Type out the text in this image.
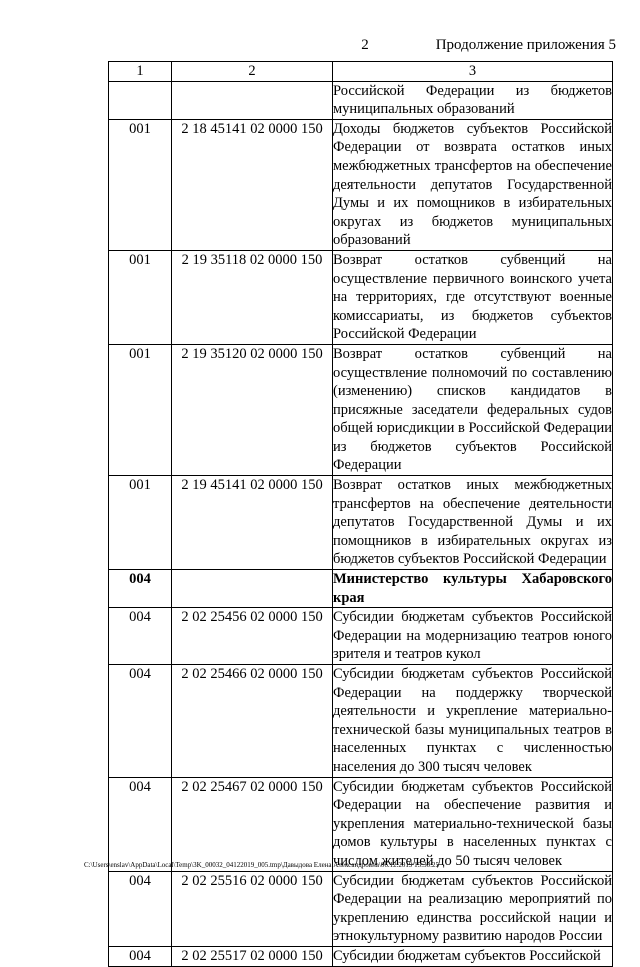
2	Продолжение приложения 5
1	2	3
		Российской Федерации из бюджетов муниципальных образований
001	2 18 45141 02 0000 150	Доходы бюджетов субъектов Российской Федерации от возврата остатков иных межбюджетных трансфертов на обеспечение деятельности депутатов Государственной Думы и их помощников в избирательных округах из бюджетов муниципальных образований
001	2 19 35118 02 0000 150	Возврат остатков субвенций на осуществление первичного воинского учета на территориях, где отсутствуют военные комиссариаты, из бюджетов субъектов Российской Федерации
001	2 19 35120 02 0000 150	Возврат остатков субвенций на осуществление полномочий по составлению (изменению) списков кандидатов в присяжные заседатели федеральных судов общей юрисдикции в Российской Федерации из бюджетов субъектов Российской Федерации
001	2 19 45141 02 0000 150	Возврат остатков иных межбюджетных трансфертов на обеспечение деятельности депутатов Государственной Думы и их помощников в избирательных округах из бюджетов субъектов Российской Федерации
004		Министерство культуры Хабаровского края
004	2 02 25456 02 0000 150	Субсидии бюджетам субъектов Российской Федерации на модернизацию театров юного зрителя и театров кукол
004	2 02 25466 02 0000 150	Субсидии бюджетам субъектов Российской Федерации на поддержку творческой деятельности и укрепление материально-технической базы муниципальных театров в населенных пунктах с численностью населения до 300 тысяч человек
004	2 02 25467 02 0000 150	Субсидии бюджетам субъектов Российской Федерации на обеспечение развития и укрепления материально-технической базы домов культуры в населенных пунктах с числом жителей до 50 тысяч человек
004	2 02 25516 02 0000 150	Субсидии бюджетам субъектов Российской Федерации на реализацию мероприятий по укреплению единства российской нации и этнокультурному развитию народов России
004	2 02 25517 02 0000 150	Субсидии бюджетам субъектов Российской
C:\Users\enslav\AppData\Local\Temp\3K_00032_04122019_005.tmp\Давыдова Елена Александровна\06.12.2019 15:30:25
